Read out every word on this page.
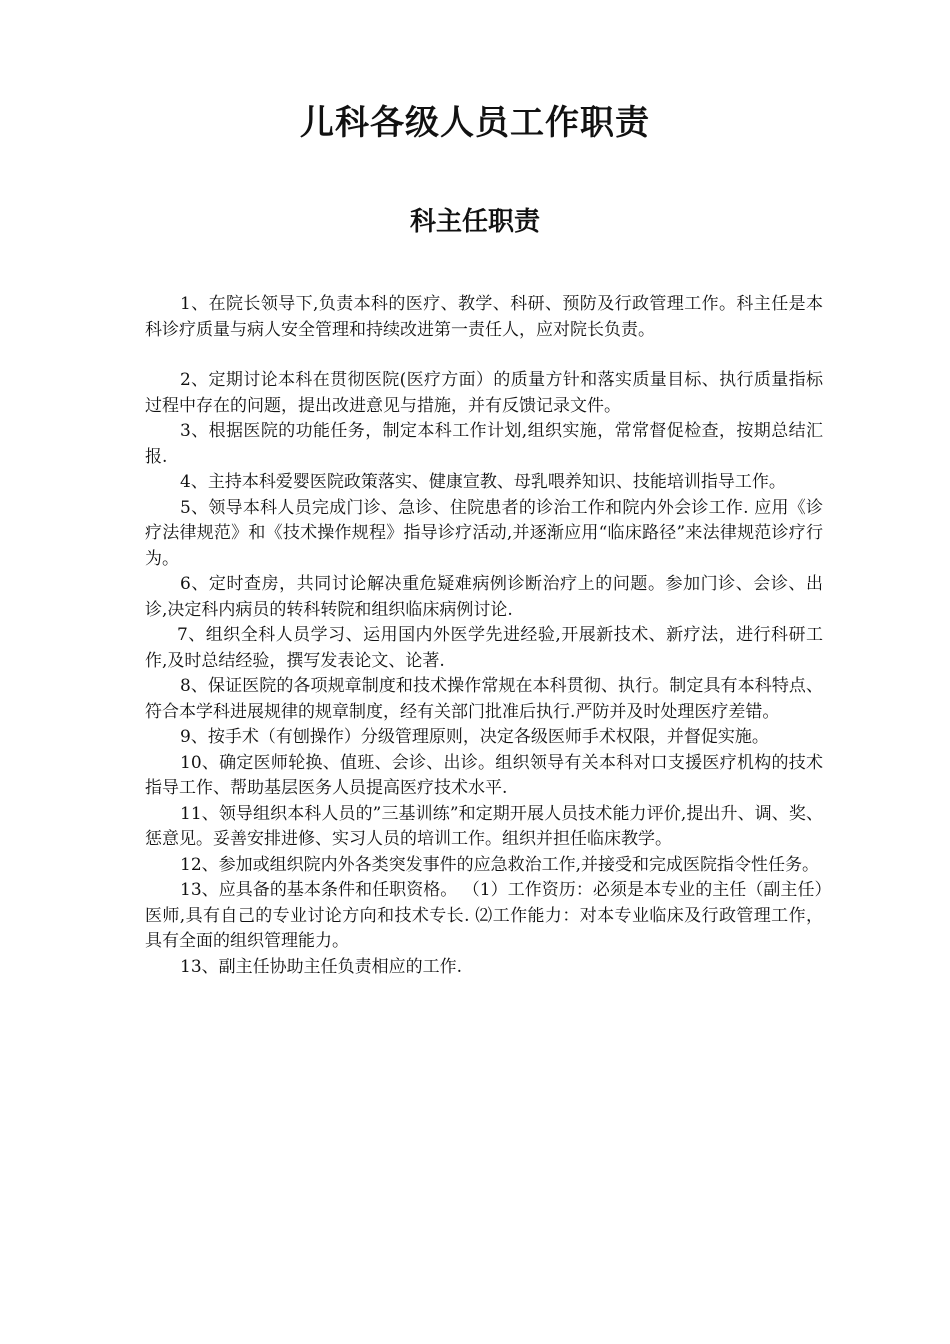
儿科各级人员工作职责
科主任职责

1、在院长领导下,负责本科的医疗、教学、科研、预防及行政管理工作。科主任是本科诊疗质量与病人安全管理和持续改进第一责任人，应对院长负责。

2、定期讨论本科在贯彻医院(医疗方面）的质量方针和落实质量目标、执行质量指标过程中存在的问题，提出改进意见与措施，并有反馈记录文件。

3、根据医院的功能任务，制定本科工作计划,组织实施，常常督促检查，按期总结汇报.

4、主持本科爱婴医院政策落实、健康宣教、母乳喂养知识、技能培训指导工作。

5、领导本科人员完成门诊、急诊、住院患者的诊治工作和院内外会诊工作. 应用《诊疗法律规范》和《技术操作规程》指导诊疗活动,并逐渐应用“临床路径”来法律规范诊疗行为。

6、定时查房，共同讨论解决重危疑难病例诊断治疗上的问题。参加门诊、会诊、出诊,决定科内病员的转科转院和组织临床病例讨论.

7、组织全科人员学习、运用国内外医学先进经验,开展新技术、新疗法，进行科研工作,及时总结经验，撰写发表论文、论著.

8、保证医院的各项规章制度和技术操作常规在本科贯彻、执行。制定具有本科特点、符合本学科进展规律的规章制度，经有关部门批准后执行.严防并及时处理医疗差错。

9、按手术（有刨操作）分级管理原则，决定各级医师手术权限，并督促实施。

10、确定医师轮换、值班、会诊、出诊。组织领导有关本科对口支援医疗机构的技术指导工作、帮助基层医务人员提高医疗技术水平.

11、领导组织本科人员的”三基训练”和定期开展人员技术能力评价,提出升、调、奖、惩意见。妥善安排进修、实习人员的培训工作。组织并担任临床教学。

12、参加或组织院内外各类突发事件的应急救治工作,并接受和完成医院指令性任务。

13、应具备的基本条件和任职资格。 （1）工作资历：必须是本专业的主任（副主任）医师,具有自己的专业讨论方向和技术专长. ⑵工作能力：对本专业临床及行政管理工作，具有全面的组织管理能力。

13、副主任协助主任负责相应的工作.
